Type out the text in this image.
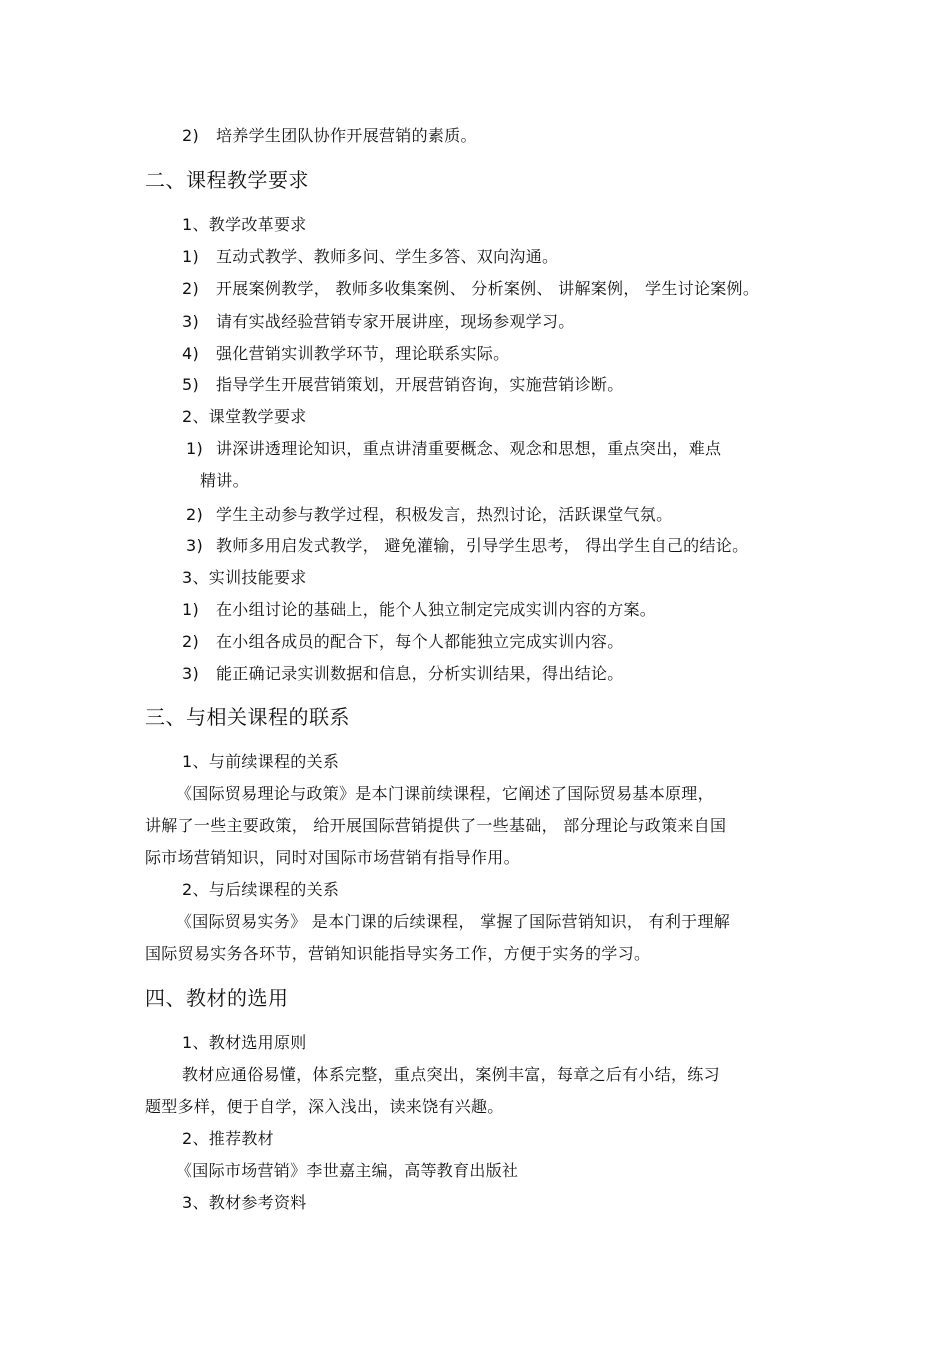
2) 培养学生团队协作开展营销的素质。
二、课程教学要求
1、教学改革要求
1) 互动式教学、教师多问、学生多答、双向沟通。
2) 开展案例教学， 教师多收集案例、 分析案例、 讲解案例， 学生讨论案例。
3) 请有实战经验营销专家开展讲座，现场参观学习。
4) 强化营销实训教学环节，理论联系实际。
5) 指导学生开展营销策划，开展营销咨询，实施营销诊断。
2、课堂教学要求
1) 讲深讲透理论知识，重点讲清重要概念、观念和思想，重点突出，难点
精讲。
2) 学生主动参与教学过程，积极发言，热烈讨论，活跃课堂气氛。
3) 教师多用启发式教学， 避免灌输，引导学生思考， 得出学生自己的结论。
3、实训技能要求
1) 在小组讨论的基础上，能个人独立制定完成实训内容的方案。
2) 在小组各成员的配合下，每个人都能独立完成实训内容。
3) 能正确记录实训数据和信息，分析实训结果，得出结论。
三、与相关课程的联系
1、与前续课程的关系
《国际贸易理论与政策》是本门课前续课程，它阐述了国际贸易基本原理，
讲解了一些主要政策， 给开展国际营销提供了一些基础， 部分理论与政策来自国
际市场营销知识，同时对国际市场营销有指导作用。
2、与后续课程的关系
《国际贸易实务》 是本门课的后续课程， 掌握了国际营销知识， 有利于理解
国际贸易实务各环节，营销知识能指导实务工作，方便于实务的学习。
四、教材的选用
1、教材选用原则
教材应通俗易懂，体系完整，重点突出，案例丰富，每章之后有小结，练习
题型多样，便于自学，深入浅出，读来饶有兴趣。
2、推荐教材
《国际市场营销》李世嘉主编，高等教育出版社
3、教材参考资料
